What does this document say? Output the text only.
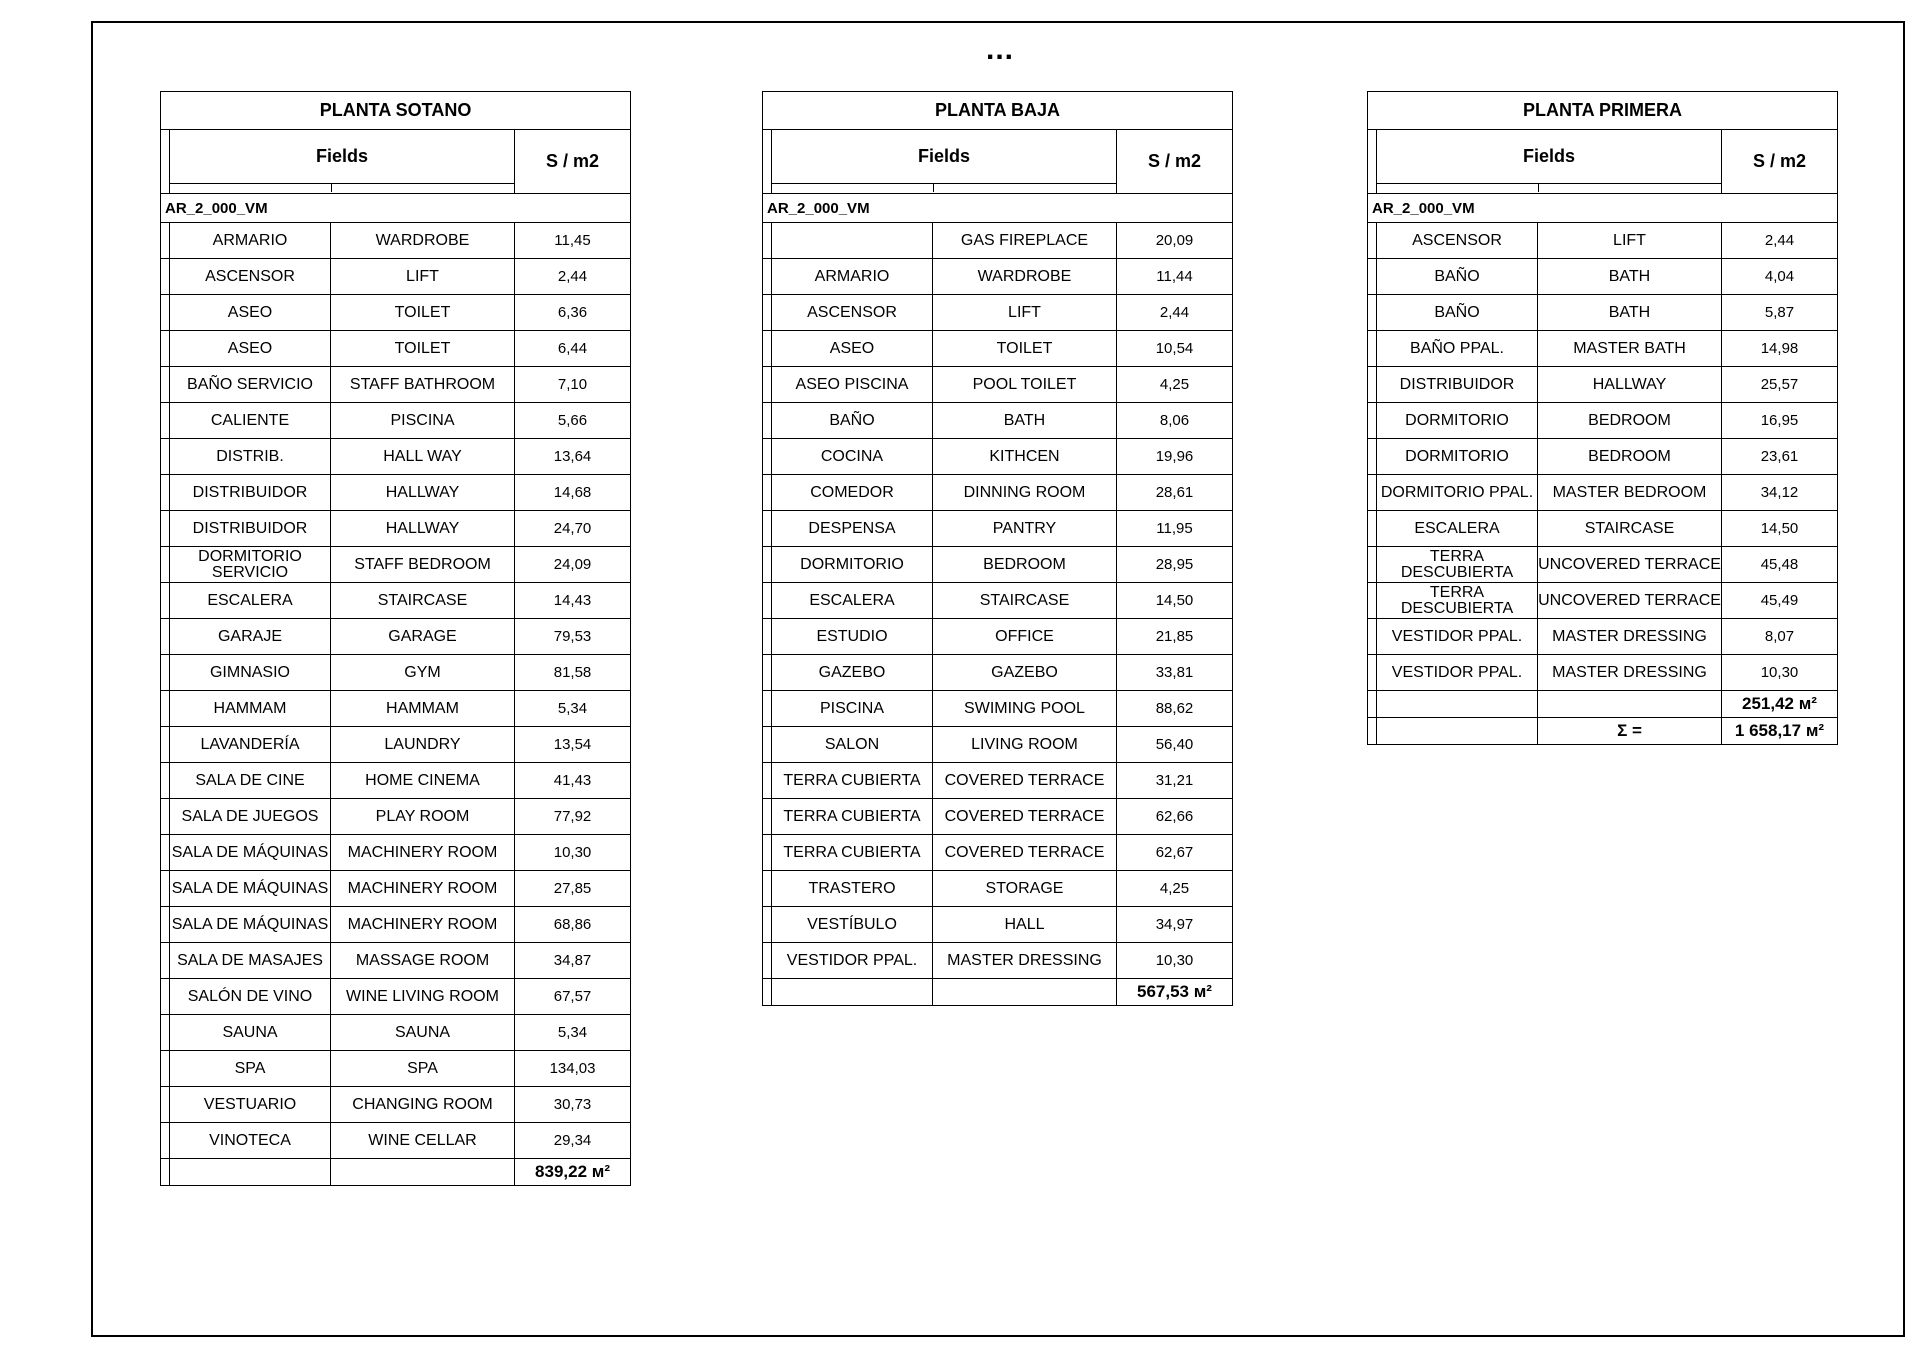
...
PLANTA SOTANO			

	Fields		S / m2
AR_2_000_VM			
	ARMARIO	WARDROBE	11,45
	ASCENSOR	LIFT	2,44
	ASEO	TOILET	6,36
	ASEO	TOILET	6,44
	BAÑO SERVICIO	STAFF BATHROOM	7,10
	CALIENTE	PISCINA	5,66
	DISTRIB.	HALL WAY	13,64
	DISTRIBUIDOR	HALLWAY	14,68
	DISTRIBUIDOR	HALLWAY	24,70
	DORMITORIO SERVICIO	STAFF BEDROOM	24,09
	ESCALERA	STAIRCASE	14,43
	GARAJE	GARAGE	79,53
	GIMNASIO	GYM	81,58
	HAMMAM	HAMMAM	5,34
	LAVANDERÍA	LAUNDRY	13,54
	SALA DE CINE	HOME CINEMA	41,43
	SALA DE JUEGOS	PLAY ROOM	77,92
	SALA DE MÁQUINAS	MACHINERY ROOM	10,30
	SALA DE MÁQUINAS	MACHINERY ROOM	27,85
	SALA DE MÁQUINAS	MACHINERY ROOM	68,86
	SALA DE MASAJES	MASSAGE ROOM	34,87
	SALÓN DE VINO	WINE LIVING ROOM	67,57
	SAUNA	SAUNA	5,34
	SPA	SPA	134,03
	VESTUARIO	CHANGING ROOM	30,73
	VINOTECA	WINE CELLAR	29,34
			839,22 м²
PLANTA BAJA			

	Fields		S / m2
AR_2_000_VM			
		GAS FIREPLACE	20,09
	ARMARIO	WARDROBE	11,44
	ASCENSOR	LIFT	2,44
	ASEO	TOILET	10,54
	ASEO PISCINA	POOL TOILET	4,25
	BAÑO	BATH	8,06
	COCINA	KITHCEN	19,96
	COMEDOR	DINNING ROOM	28,61
	DESPENSA	PANTRY	11,95
	DORMITORIO	BEDROOM	28,95
	ESCALERA	STAIRCASE	14,50
	ESTUDIO	OFFICE	21,85
	GAZEBO	GAZEBO	33,81
	PISCINA	SWIMING POOL	88,62
	SALON	LIVING ROOM	56,40
	TERRA CUBIERTA	COVERED TERRACE	31,21
	TERRA CUBIERTA	COVERED TERRACE	62,66
	TERRA CUBIERTA	COVERED TERRACE	62,67
	TRASTERO	STORAGE	4,25
	VESTÍBULO	HALL	34,97
	VESTIDOR PPAL.	MASTER DRESSING	10,30
			567,53 м²
PLANTA PRIMERA			

	Fields		S / m2
AR_2_000_VM			
	ASCENSOR	LIFT	2,44
	BAÑO	BATH	4,04
	BAÑO	BATH	5,87
	BAÑO PPAL.	MASTER BATH	14,98
	DISTRIBUIDOR	HALLWAY	25,57
	DORMITORIO	BEDROOM	16,95
	DORMITORIO	BEDROOM	23,61
	DORMITORIO PPAL.	MASTER BEDROOM	34,12
	ESCALERA	STAIRCASE	14,50
	TERRA DESCUBIERTA	UNCOVERED TERRACE	45,48
	TERRA DESCUBIERTA	UNCOVERED TERRACE	45,49
	VESTIDOR PPAL.	MASTER DRESSING	8,07
	VESTIDOR PPAL.	MASTER DRESSING	10,30
			251,42 м²
		Σ =	1 658,17 м²
